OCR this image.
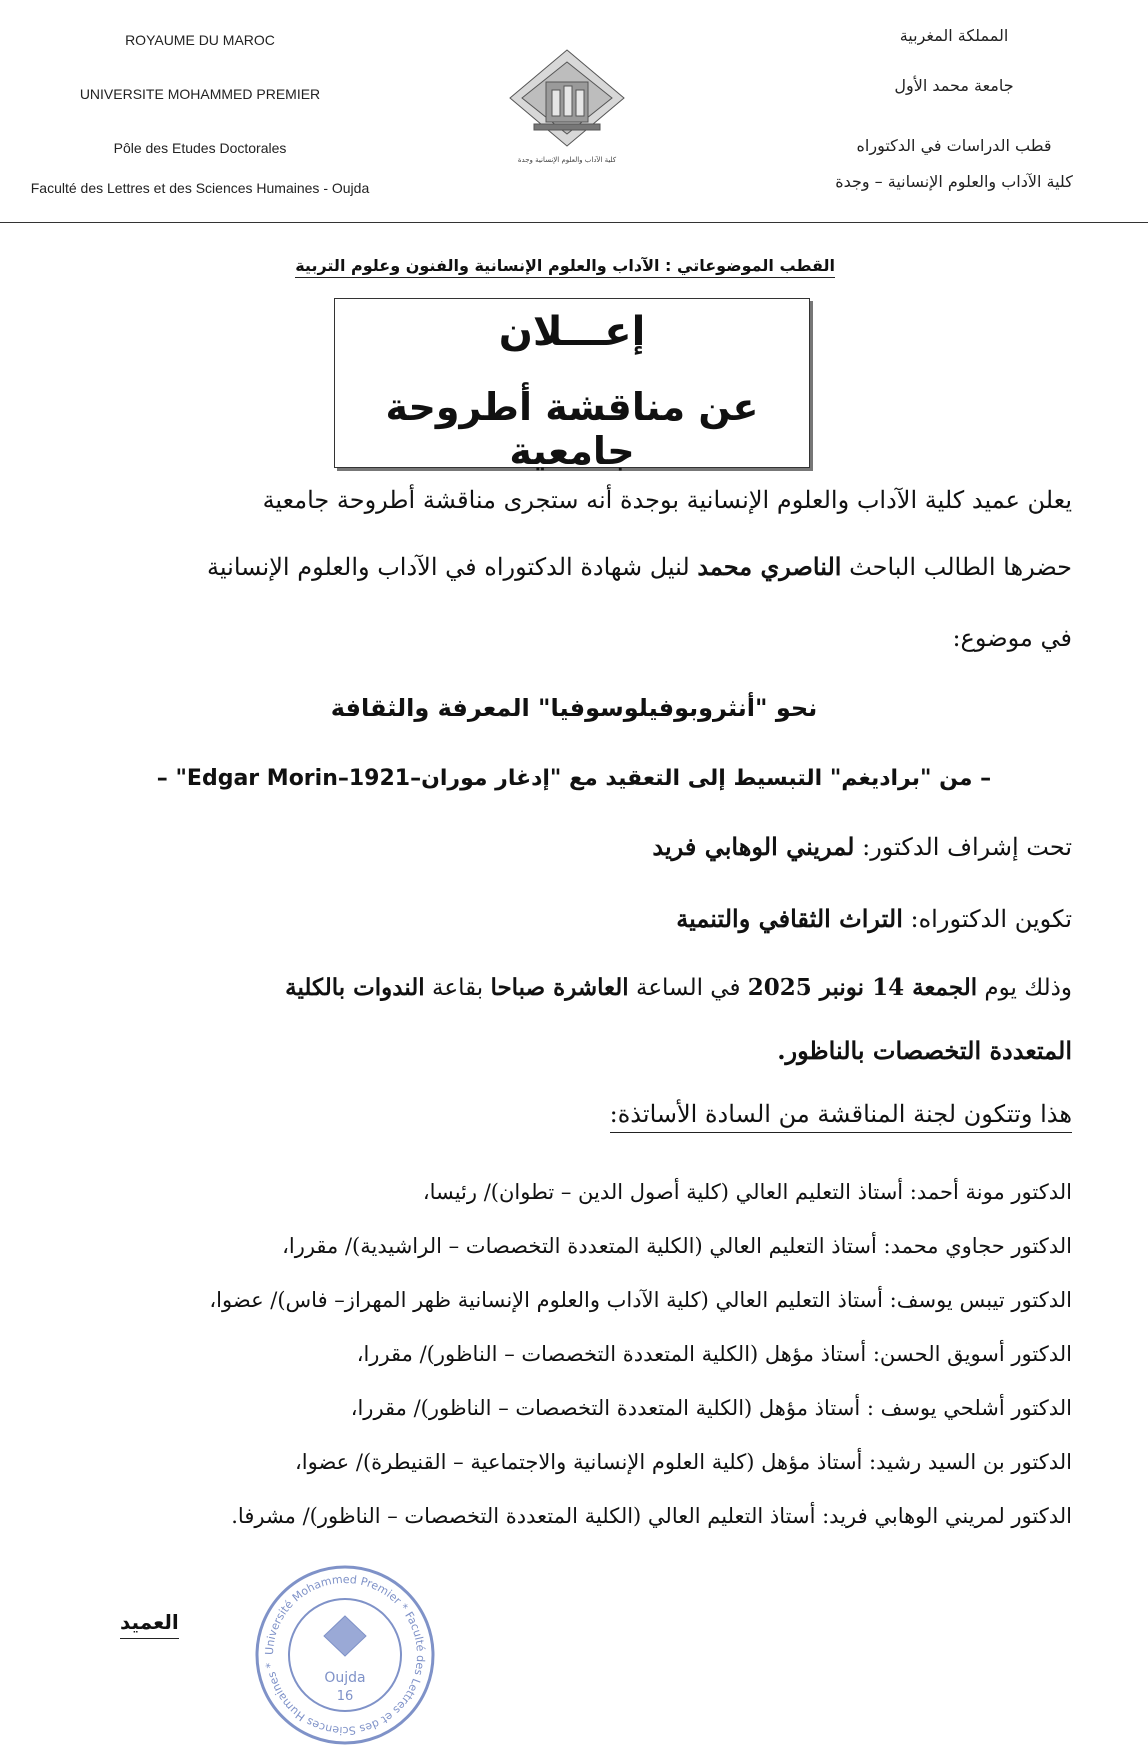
ROYAUME DU MAROC
UNIVERSITE MOHAMMED PREMIER
Pôle des Etudes Doctorales
Faculté des Lettres et des Sciences Humaines - Oujda
المملكة المغربية
جامعة محمد الأول
قطب الدراسات في الدكتوراه
كلية الآداب والعلوم الإنسانية – وجدة
كلية الآداب والعلوم الإنسانية وجدة
القطب الموضوعاتي : الآداب والعلوم الإنسانية والفنون وعلوم التربية
إعـــلان
عن مناقشة أطروحة جامعية
يعلن عميد كلية الآداب والعلوم الإنسانية بوجدة أنه ستجرى مناقشة أطروحة جامعية
حضرها الطالب الباحث الناصري محمد لنيل شهادة الدكتوراه في الآداب والعلوم الإنسانية
في موضوع:
نحو "أنثروبوفيلوسوفيا" المعرفة والثقافة
– من "براديغم" التبسيط إلى التعقيد مع "إدغار موران–Edgar Morin–1921" –
تحت إشراف الدكتور: لمريني الوهابي فريد
تكوين الدكتوراه: التراث الثقافي والتنمية
وذلك يوم الجمعة 14 نونبر 2025 في الساعة العاشرة صباحا بقاعة الندوات بالكلية
المتعددة التخصصات بالناظور.
هذا وتتكون لجنة المناقشة من السادة الأساتذة:
الدكتور مونة أحمد: أستاذ التعليم العالي (كلية أصول الدين – تطوان)/ رئيسا،
الدكتور حجاوي محمد: أستاذ التعليم العالي (الكلية المتعددة التخصصات – الراشيدية)/ مقررا،
الدكتور تيبس يوسف: أستاذ التعليم العالي (كلية الآداب والعلوم الإنسانية ظهر المهراز– فاس)/ عضوا،
الدكتور أسويق الحسن: أستاذ مؤهل (الكلية المتعددة التخصصات – الناظور)/ مقررا،
الدكتور أشلحي يوسف : أستاذ مؤهل (الكلية المتعددة التخصصات – الناظور)/ مقررا،
الدكتور بن السيد رشيد: أستاذ مؤهل (كلية العلوم الإنسانية والاجتماعية – القنيطرة)/ عضوا،
الدكتور لمريني الوهابي فريد: أستاذ التعليم العالي (الكلية المتعددة التخصصات – الناظور)/ مشرفا.
العميد
Université Mohammed Premier * Faculté des Lettres et des Sciences Humaines *
Oujda
16
